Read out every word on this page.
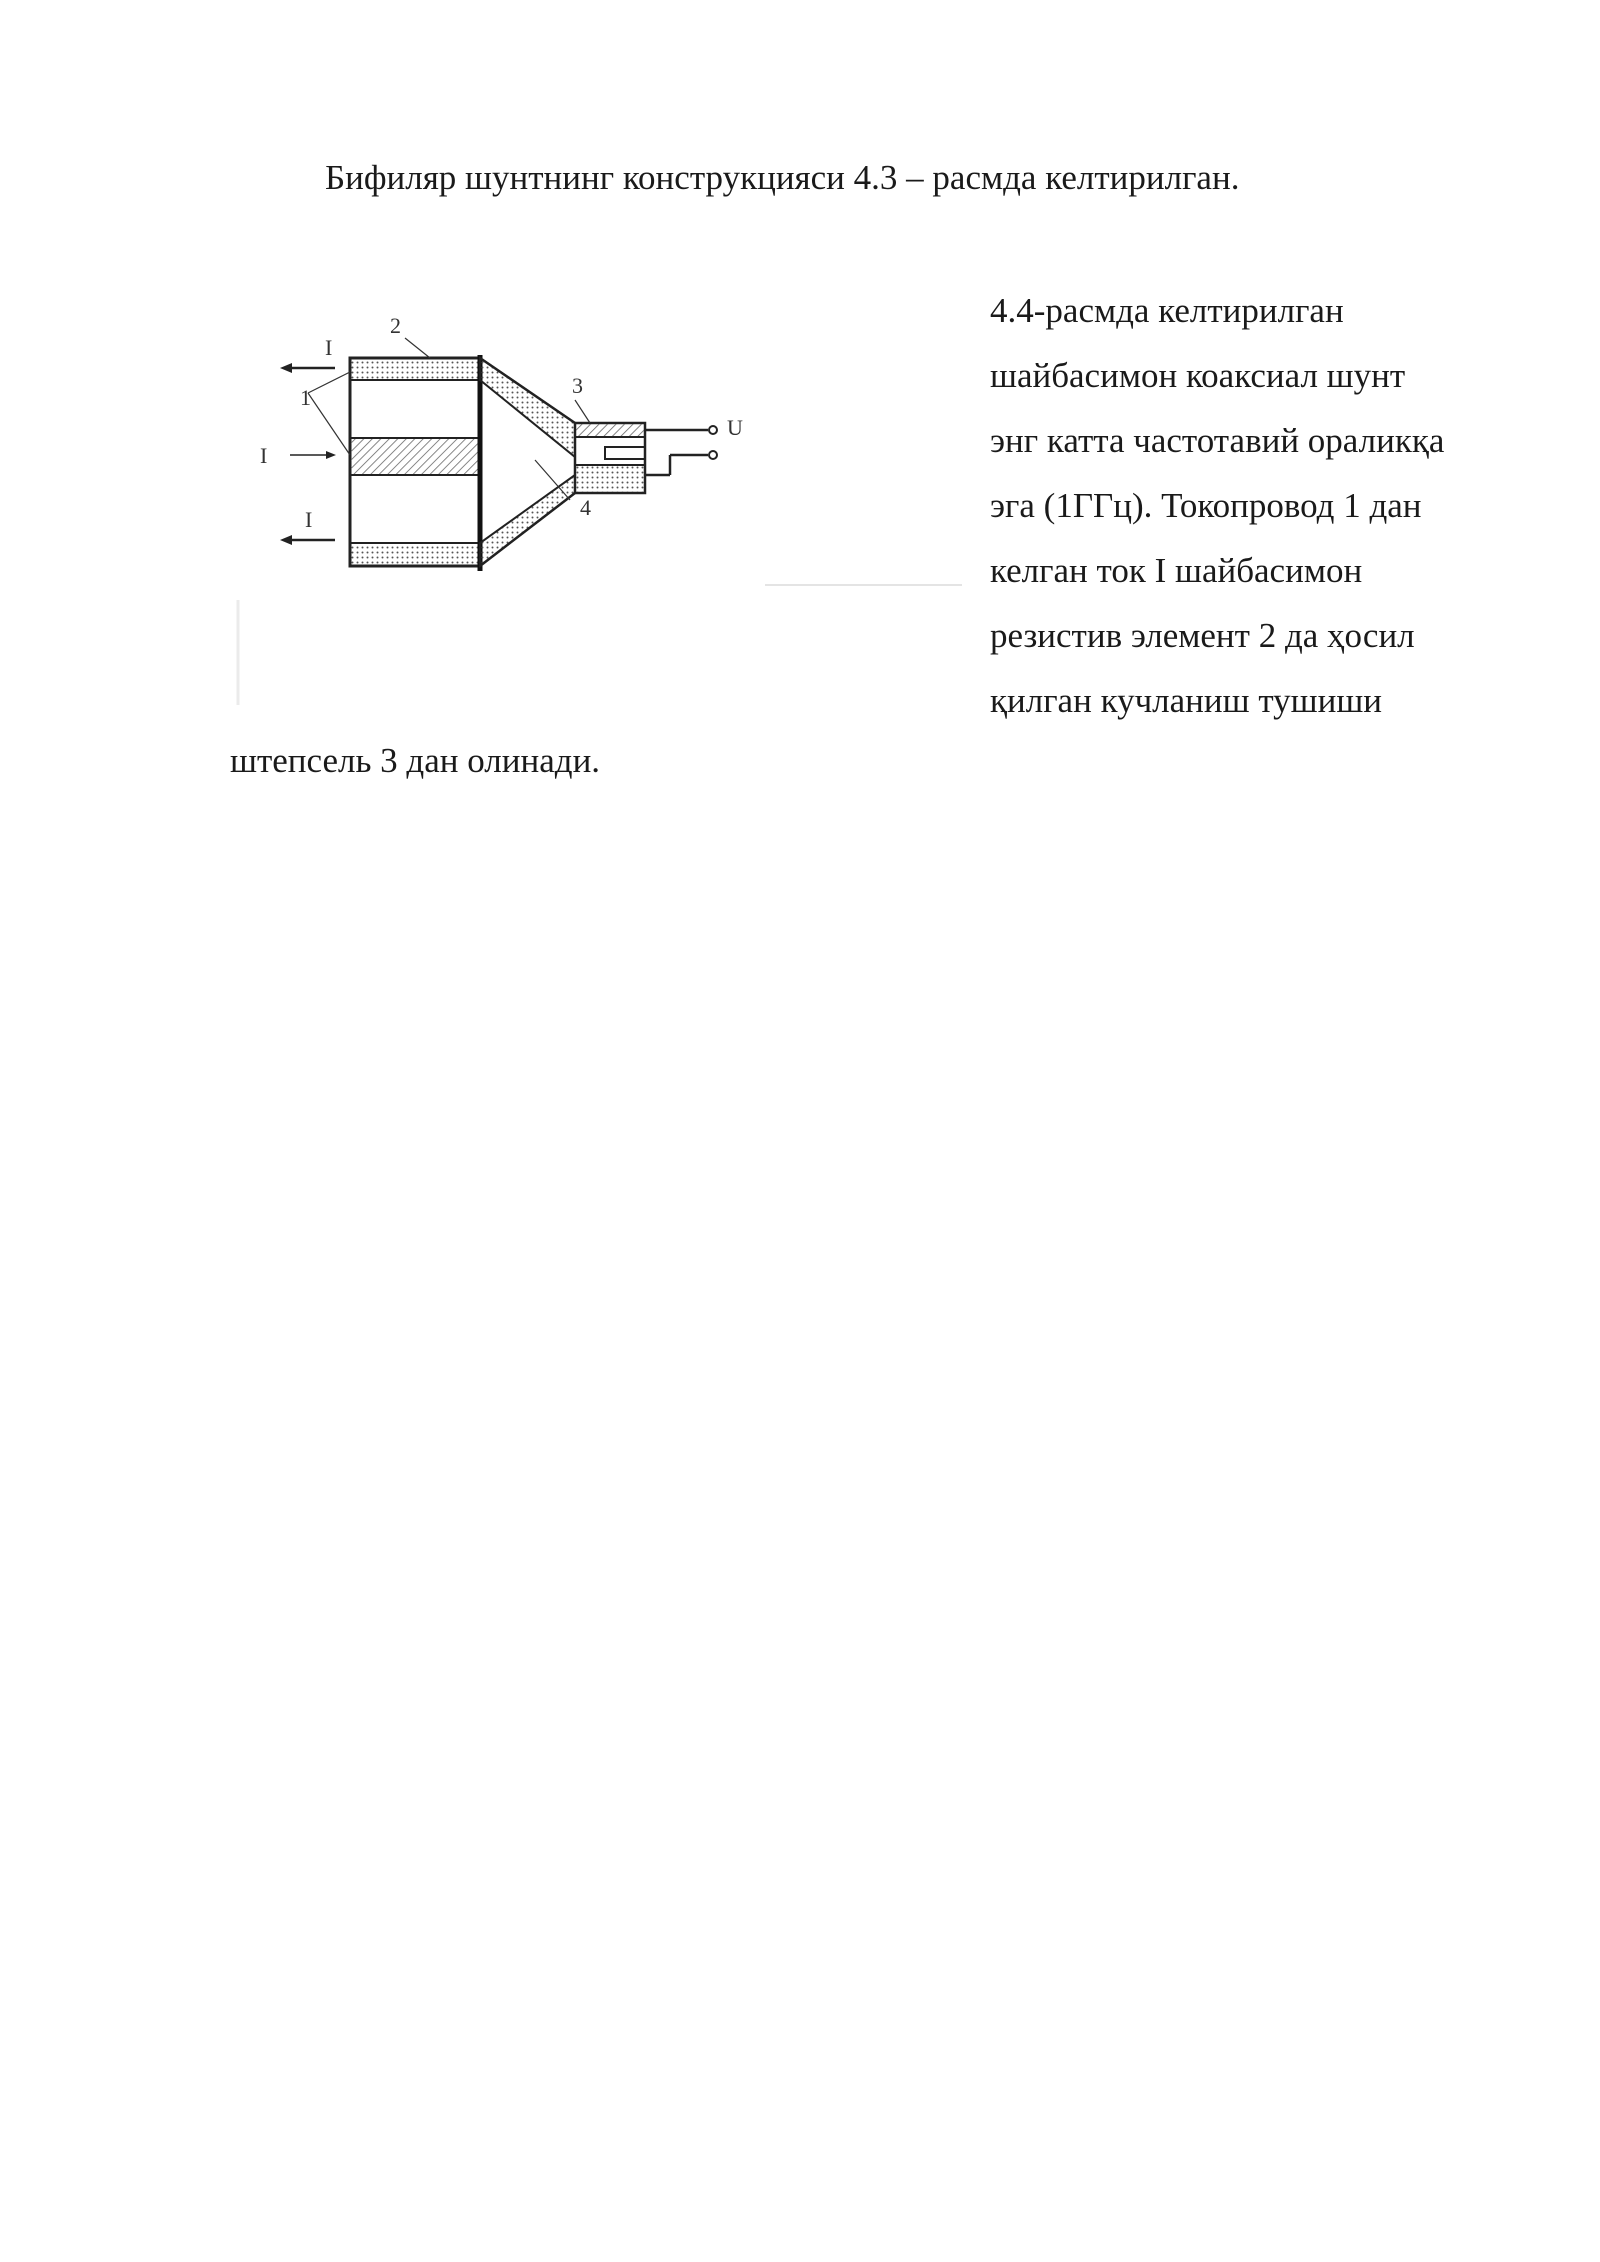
Бифиляр шунтнинг конструкцияси 4.3 – расмда келтирилган.
I
1
I
I
2
3
4
U
4.4-расмда келтирилган
шайбасимон коаксиал шунт
энг катта частотавий ораликқа
эга (1ГГц). Токопровод 1 дан
келган ток I шайбасимон
резистив элемент 2 да ҳосил
қилган кучланиш тушиши
штепсель 3 дан олинади.
